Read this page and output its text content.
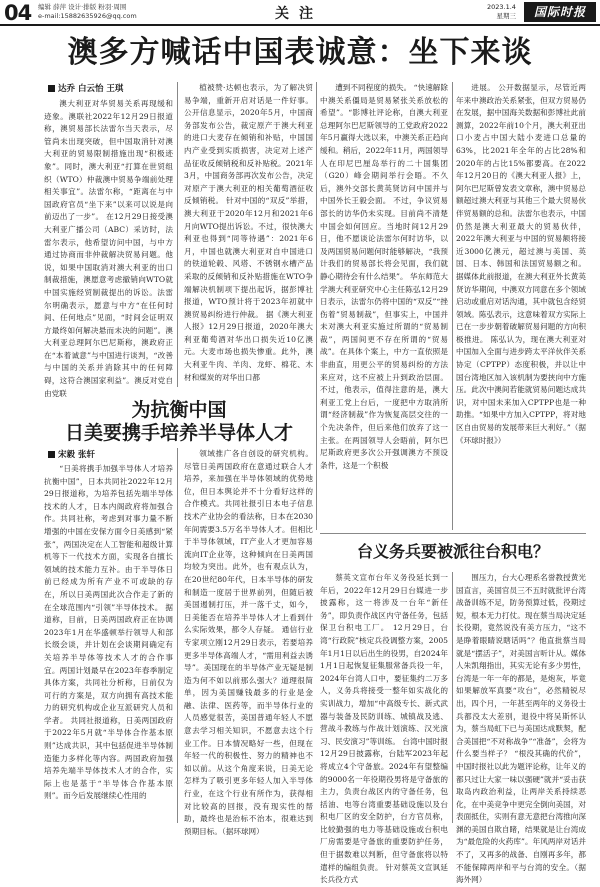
04 编辑 薛萍 设计·排版 粉羽·周围
e-mail:15882635926@qq.com	关注	2023.1.4
星期三	国际时报
澳多方喊话中国表诚意：坐下来谈
达乔 白云怡 王琪

澳大利亚对华贸易关系再现缓和迹象。澳联社2022年12月29日报道称，澳贸易部长法雷尔当天表示，尽管尚未出现突破，但中国取消针对澳大利亚的贸易限制措施出现“积极迹象”。同时，澳大利亚“打算在世贸组织（WTO）仲裁澳中贸易争端前处理相关事宜”。法雷尔称，“距离在与中国政府官员“坐下来”以来可以说是向前迈出了一步”。 在12月29日接受澳大利亚广播公司（ABC）采访时，法雷尔表示，他希望访问中国，与中方通过协商而非仲裁解决贸易问题。他说，如果中国取消对澳大利亚的出口制裁措施，澳愿意考虑撤销向WTO就中国实施经贸制裁提出的诉讼。法雷尔明确表示，愿意与中方“在任何时间、任何地点”见面，“时间会证明双方最终如何解决悬而未决的问题”。澳大利亚总理阿尔巴尼斯称，澳政府正在“本着诚意”与中国进行谈判，“改善与中国的关系并消除其中的任何障碍，这符合澳国家利益”。澳反对党自由党联

植被赞·达顿也表示，为了解决贸易争端，重新开启对话是一件好事。 公开信息显示，2020年5月，中国商务部发布公告，裁定原产于澳大利亚的进口大麦存在倾销和补贴，中国国内产业受到实质损害，决定对上述产品征收反倾销税和反补贴税。2021年3月，中国商务部再次发布公告，决定对原产于澳大利亚的相关葡萄酒征收反倾销税。 针对中国的“双反”举措，澳大利亚于2020年12月和2021年6月向WTO提出诉讼。不过，很快澳大利亚也得到“同等待遇”：2021年6月，中国也就澳大利亚对自中国进口的铁道轮毂、风塔、不锈钢水槽产品采取的反倾销和反补贴措施在WTO争端解决机制项下提出起诉，据彭博社报道，WTO预计将于2023年初就中澳贸易纠纷进行仲裁。 据《澳大利亚人报》12月29日报道，2020年澳大利亚葡萄酒对华出口损失近10亿澳元。大麦市场也损失惨重。此外，澳大利亚牛肉、羊肉、龙虾、棉花、木材和煤炭的对华出口都

遭到不同程度的损失。 “快速解除中澳关系僵局是贸易紧张关系放松的希望”。“影博社评论称，自澳大利亚总理阿尔巴尼斯领导的工党政府2022年5月赢得大选以来，中澳关系正趋向缓和。稍后，2022年11月，两国领导人在印尼巴厘岛举行的二十国集团（G20）峰会期间举行会晤。不久后，澳外交部长黄英贤访问中国并与中国外长王毅会面。 不过，争议贸易部长的访华仍未实现。目前尚不清楚中国会如何回应。当地时间12月29日，他不愿谈论法雷尔何时访华，以及两国贸易问题何时能够解决，“我预计我们的贸易部长将会见面，我们就静心期待会有什么结果”。 华东师范大学澳大利亚研究中心主任陈弘12月29日表示，法雷尔仍将中国的“双反”“挫伤着”贸易制裁”，但事实上，中国并未对澳大利亚实施过所谓的“贸易制裁”，两国间更不存在所谓的“贸易战”。在具体个案上，中方一直依照是非曲直，用更公平的贸易纠纷的方法来应对，这不应被上升到政治层面。不过，他表示，值得注意的是，澳大利亚工党上台后，一度把中方取消所谓“经济制裁”作为恢复高层交往的一个先决条件，但后来他们放弃了这一主张。在两国领导人会晤前，阿尔巴尼斯政府更多次公开强调澳方不预设条件，这是一个积极

进展。 公开数据显示，尽管近两年来中澳政治关系紧张，但双方贸易仍在发展，据中国海关数据和彭博社此前测算，2022年前10个月，澳大利亚出口小麦占中国大陆小麦进口总量的63%，比2021年全年的占比28%和2020年的占比15%都要高。在2022年12月20日的《澳大利亚人报》上，阿尔巴尼斯曾发表文章称，澳中贸易总额超过澳大利亚与其他三个最大贸易伙伴贸易额的总和。法雷尔也表示，中国仍然是澳大利亚最大的贸易伙伴，2022年澳大利亚与中国的贸易额将接近3000亿澳元，超过澳与美国、英国、日本、韩国和法国贸易额之和。 据媒体此前报道，在澳大利亚外长黄英贤访华期间，中澳双方同意在多个领域启动或重启对话沟通，其中就包含经贸领域。陈弘表示，这意味着双方实际上已在一步步朝着破解贸易问题的方向积极推进。 陈弘认为，现在澳大利亚对中国加入全面与进步跨太平洋伙伴关系协定（CPTPP）态度积极，并以让中国台湾地区加入该机制为要挟向中方施压。此次中澳间若能就贸易问题达成共识，对中国未来加入CPTPP也是一种助推。“如果中方加入CPTPP，将对地区自由贸易的发展带来巨大利好。”（据《环球时报》）

为抗衡中国
日美要携手培养半导体人才
宋毅 张轩

“日美将携手加强半导体人才培养抗衡中国”，日本共同社2022年12月29日报道称，为培养包括先端半导体技术的人才，日本内阁政府将加强合作。共同社称，考虑到对事力量不断增强的中国在安保方面令日美感到“紧张”，两国决定在人工智能和超级计算机等下一代技术方面，实现各自擅长领域的技术能力互补。由于半导体日前已经成为所有产业不可或缺的存在，所以日美两国此次合作走了新的在全球范围内“引领”半导体技术。 据道称，目前，日美两国政府正在协调2023年1月在华盛顿举行领导人和部长级会谈，并计划在会谈期间确定有关培养半导体等技术人才的合作事宜。两国计划最早在2023年春季制定具体方案，共同社分析称，日前仅为可行的方案是，双方向拥有高技术能力的研究机构或企业互派研究人员和学者。 共同社报道称，日美两国政府于2022年5月就“半导体合作基本原则”达成共识，其中包括促进半导体制造能力多样化等内容。两国政府加强培养先端半导体技术人才的合作，实际上也是基于“半导体合作基本原则”。而今后发展继续心性用的

领域推广各自创设的研究机构。 尽管日美两国政府在意通过联合人才培养，来加强在半导体领域的优势地位，但日本舆论并不十分看好这样的合作模式。共同社报引日本电子信息技术产业协会的看法称，日本在2030年间需要3.5万名半导体人才。但相比于半导体领域，IT产业人才更加容易流向IT企业等，这种倾向在日美两国均较为突出。此外，也有观点认为，在20世纪80年代，日本半导体的研发和制造一度居于世界前列，但随后被美国遏制打压，并一落千丈，如今，日美能否在培养半导体人才上看到什么实际效果，都令人存疑。 通信行业专家项立刚12月29日表示，若要培养更多半导体高端人才，“需用利益去诱导”。美国现在的半导体产业无疑是制造为何不如以前那么强大？道理很简单，因为美国赚钱最多的行业是金融、法律、医药等，而半导体行业的人员感觉很苦，美国普通年轻人不愿意去学习相关知识，不愿意去这个行业工作。日本情况略好一些，但现在年轻一代的积极性、努力的精神也不如以前。从这个角度来说，日美无论怎样为了吸引更多年轻人加入半导体行业，在这个行业有所作为，获得相对比较高的回报，没有现实性的帮助，最终也是治标不治本，很难达到预期目标。（据环球网）

台义务兵要被派往台积电？

蔡英文宣布台年义务役延长到一年后，2022年12月29日台媒进一步披露称，这一将涉及一台年“新任务”，即负责作战区内守备任务，包括保卫台积电工厂。 12月29日，台湾“行政院”核定兵役调整方案，2005年1月1日以后出生的役男，自2024年1月1日起恢复征集服常备兵役一年，2024年台湾人口中，要征集约二万多人，义务兵将接受一整年如实战化的实训战力，增加“中高级专长、新式武器与装备及民防训练、城镇战及逃、营战斗教练与作战计划演练、汉光演习、民安演习”等训练。 台湾中国时报12月29日披露称，台陆军2023年起将成立4个守备旅。2024年有望整编的9000名一年役期役男将是守备旅的主力，负责台战区内的守备任务，包括油、电等台湾重要基础设施以及台积电厂区的安全防护，台方官员称，比较勤强的电力等基础设施或台积电厂房需要是守备旅的重要防护任务，但于据数难以判断，但守备旅将以特遣样的编组负责。 针对蔡英文宣讽延长兵役方式

围压力，台大心理系名誉教授黄光国直言，美国官员三不五时就批评台湾战备训练不足，防务预算过低，役期过短，根本无力打仗。现在蔡当局决定延长役期，竟然说没有美方压力，“这不是睁着眼睛说瞎话吗”？他直批蔡当局就是“摆活子”，对美国言听计从。媒体人朱凯翔指出，其实无论有多少男性，台湾是一年一年的都是，是炮灰，毕竟如果解放军真要“攻台”，必然精锐尽出，四个月，一年甚至两年的义务役士兵都没太大差别，退役中将吴斯怀认为，蔡当局虹下已与美国达成默契，配合美国把“不对称战争”“准备”，会将为什么要当样子？ “根没其确的代价”，中国时报社以此为题评论称，让年义的都只过让大家一味以强硬”就并“妥击获取岛内政治利益，让两岸关系持续恶化，在中美竞争中更完全倒向美国，对表面抵住，实则有意无意把台湾推向深渊的美国自欺自睹，结果就是让台湾成为“最危险的火药库”。年风两岸对话并不了，又再多的战备、自刚再多年，都不能保障两岸和平与台湾的安全。（据海外网）
